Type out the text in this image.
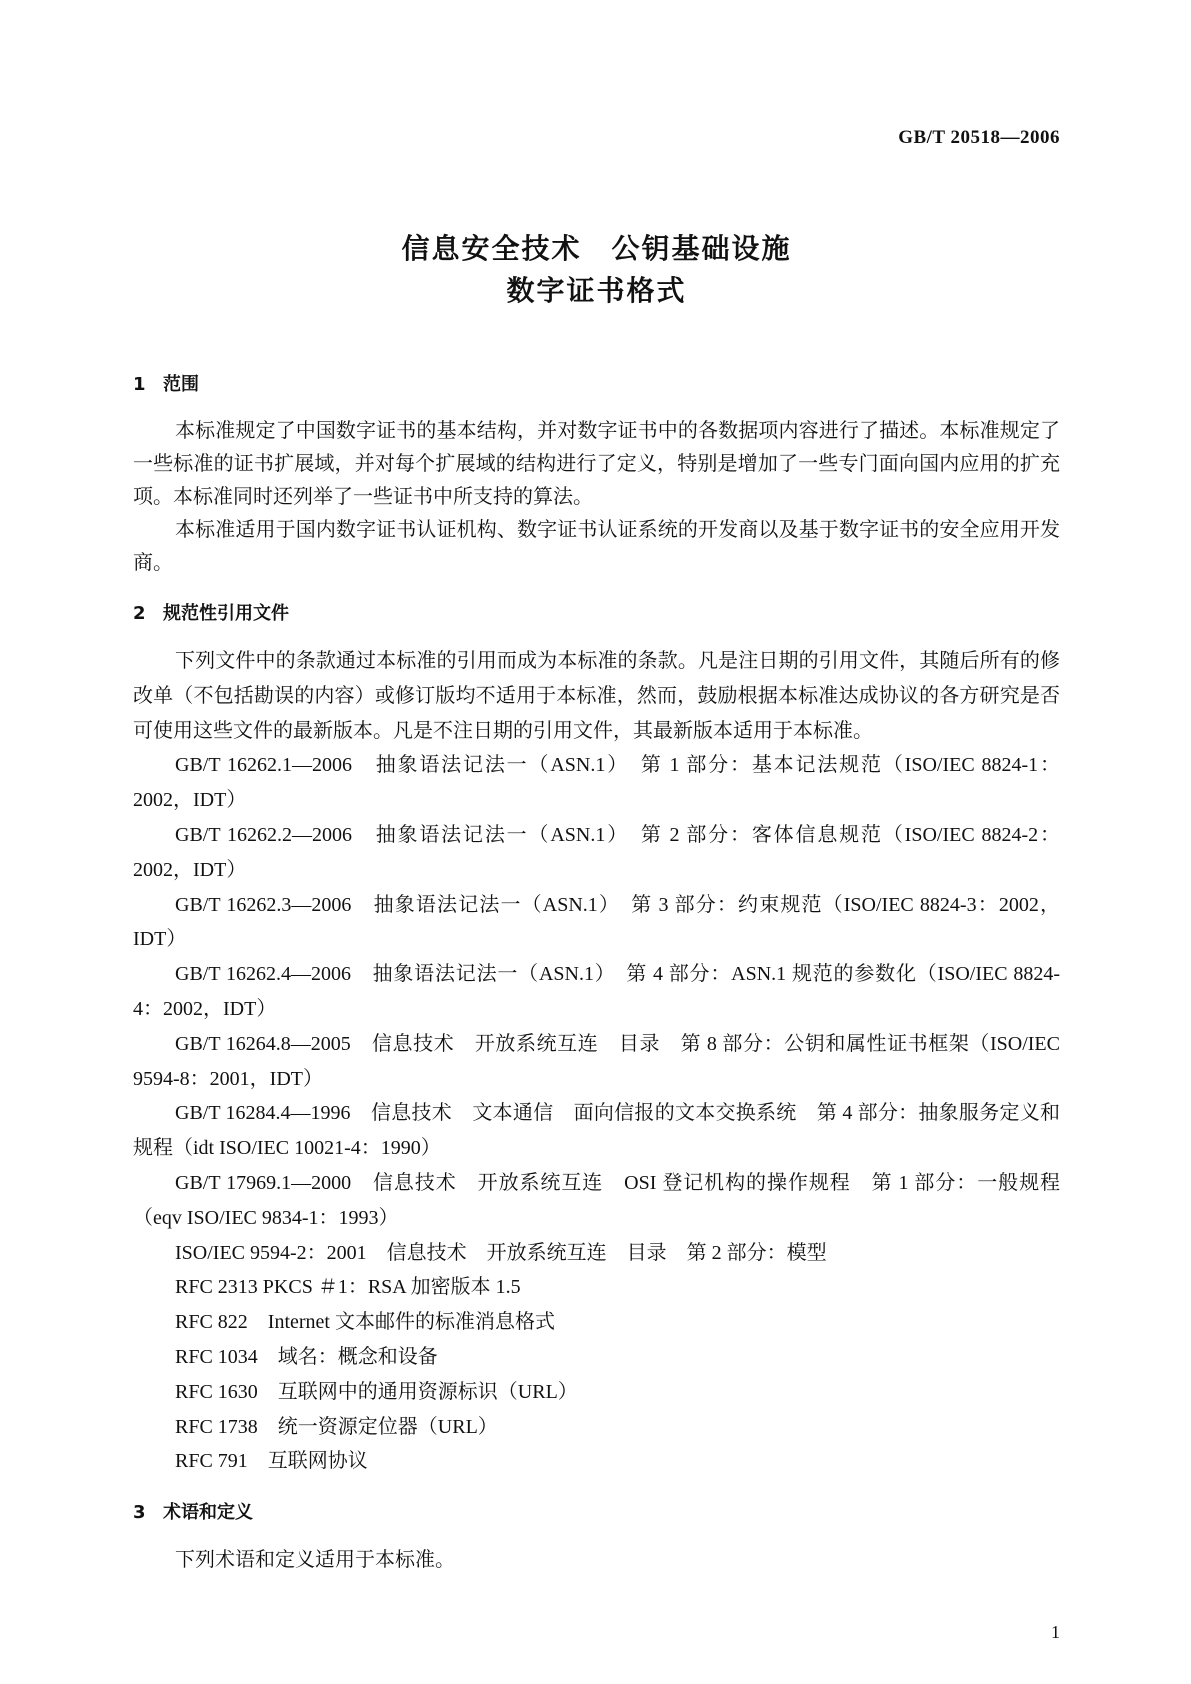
GB/T 20518—2006
信息安全技术　公钥基础设施
数字证书格式
1 范围

本标准规定了中国数字证书的基本结构，并对数字证书中的各数据项内容进行了描述。本标准规定了一些标准的证书扩展域，并对每个扩展域的结构进行了定义，特别是增加了一些专门面向国内应用的扩充项。本标准同时还列举了一些证书中所支持的算法。

本标准适用于国内数字证书认证机构、数字证书认证系统的开发商以及基于数字证书的安全应用开发商。

2 规范性引用文件

下列文件中的条款通过本标准的引用而成为本标准的条款。凡是注日期的引用文件，其随后所有的修改单（不包括勘误的内容）或修订版均不适用于本标准，然而，鼓励根据本标准达成协议的各方研究是否可使用这些文件的最新版本。凡是不注日期的引用文件，其最新版本适用于本标准。

GB/T 16262.1—2006　抽象语法记法一（ASN.1）　第 1 部分：基本记法规范（ISO/IEC 8824-1：2002，IDT）

GB/T 16262.2—2006　抽象语法记法一（ASN.1）　第 2 部分：客体信息规范（ISO/IEC 8824-2：2002，IDT）

GB/T 16262.3—2006　抽象语法记法一（ASN.1）　第 3 部分：约束规范（ISO/IEC 8824-3：2002，IDT）

GB/T 16262.4—2006　抽象语法记法一（ASN.1）　第 4 部分：ASN.1 规范的参数化（ISO/IEC 8824-4：2002，IDT）

GB/T 16264.8—2005　信息技术　开放系统互连　目录　第 8 部分：公钥和属性证书框架（ISO/IEC 9594-8：2001，IDT）

GB/T 16284.4—1996　信息技术　文本通信　面向信报的文本交换系统　第 4 部分：抽象服务定义和规程（idt ISO/IEC 10021-4：1990）

GB/T 17969.1—2000　信息技术　开放系统互连　OSI 登记机构的操作规程　第 1 部分：一般规程（eqv ISO/IEC 9834-1：1993）

ISO/IEC 9594-2：2001　信息技术　开放系统互连　目录　第 2 部分：模型

RFC 2313 PKCS ＃1：RSA 加密版本 1.5

RFC 822　Internet 文本邮件的标准消息格式

RFC 1034　域名：概念和设备

RFC 1630　互联网中的通用资源标识（URL）

RFC 1738　统一资源定位器（URL）

RFC 791　互联网协议

3 术语和定义

下列术语和定义适用于本标准。

1
